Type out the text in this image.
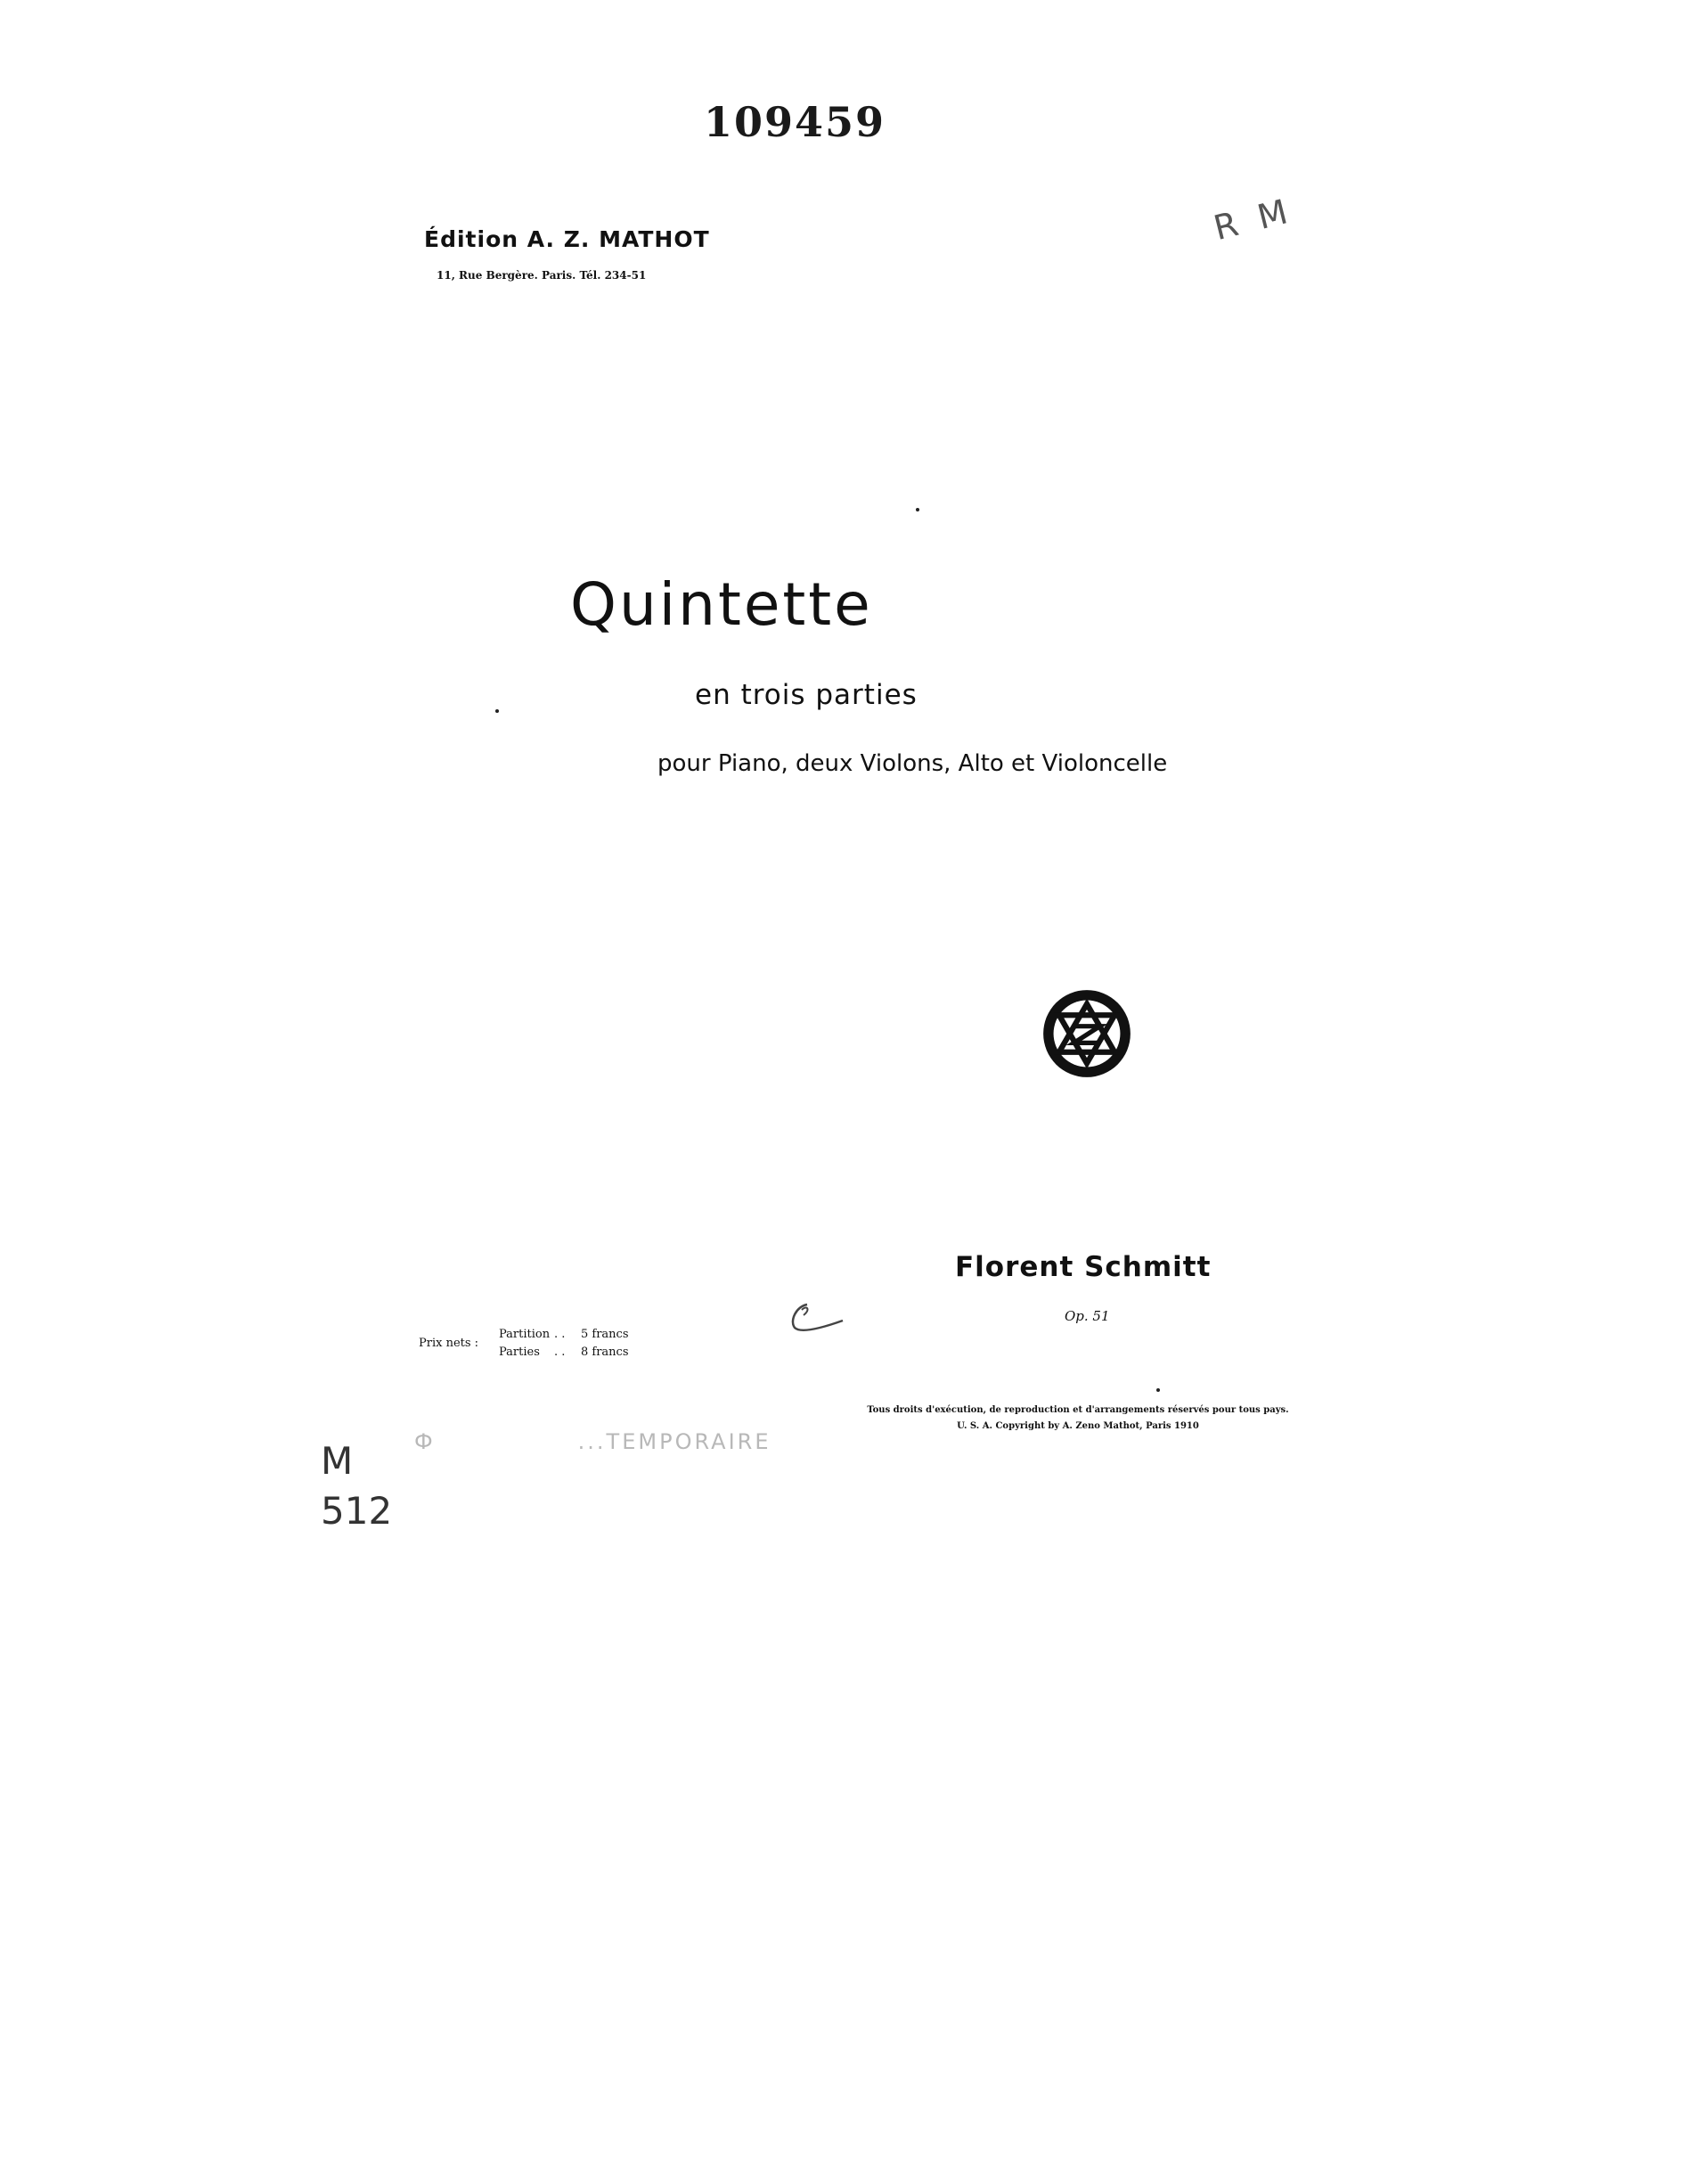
109459
R M
Édition A. Z. MATHOT
11, Rue Bergère. Paris. Tél. 234-51
Quintette
en trois parties
pour Piano, deux Violons, Alto et Violoncelle
Florent Schmitt
Op. 51
Prix nets :
Partition . . 5 francs
Parties . . 8 francs
Tous droits d'exécution, de reproduction et d'arrangements réservés pour tous pays.
U. S. A. Copyright by A. Zeno Mathot, Paris 1910
Ф	...TEMPORAIRE
M
512
